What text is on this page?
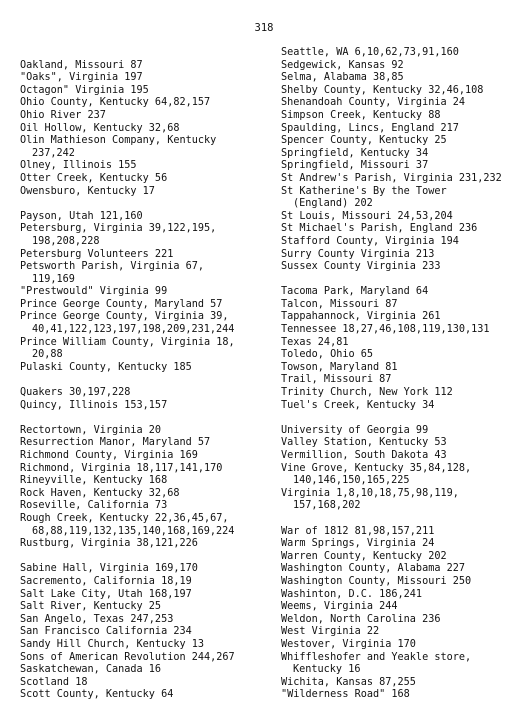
318
Oakland, Missouri 87
"Oaks", Virginia 197
Octagon" Virginia 195
Ohio County, Kentucky 64,82,157
Ohio River 237
Oil Hollow, Kentucky 32,68
Olin Mathieson Company, Kentucky
237,242
Olney, Illinois 155
Otter Creek, Kentucky 56
Owensburo, Kentucky 17
Payson, Utah 121,160
Petersburg, Virginia 39,122,195,
198,208,228
Petersburg Volunteers 221
Petsworth Parish, Virginia 67,
119,169
"Prestwould" Virginia 99
Prince George County, Maryland 57
Prince George County, Virginia 39,
40,41,122,123,197,198,209,231,244
Prince William County, Virginia 18,
20,88
Pulaski County, Kentucky 185
Quakers 30,197,228
Quincy, Illinois 153,157
Rectortown, Virginia 20
Resurrection Manor, Maryland 57
Richmond County, Virginia 169
Richmond, Virginia 18,117,141,170
Rineyville, Kentucky 168
Rock Haven, Kentucky 32,68
Roseville, California 73
Rough Creek, Kentucky 22,36,45,67,
68,88,119,132,135,140,168,169,224
Rustburg, Virginia 38,121,226
Sabine Hall, Virginia 169,170
Sacremento, California 18,19
Salt Lake City, Utah 168,197
Salt River, Kentucky 25
San Angelo, Texas 247,253
San Francisco California 234
Sandy Hill Church, Kentucky 13
Sons of American Revolution 244,267
Saskatchewan, Canada 16
Scotland 18
Scott County, Kentucky 64
Seattle, WA 6,10,62,73,91,160
Sedgewick, Kansas 92
Selma, Alabama 38,85
Shelby County, Kentucky 32,46,108
Shenandoah County, Virginia 24
Simpson Creek, Kentucky 88
Spaulding, Lincs, England 217
Spencer County, Kentucky 25
Springfield, Kentucky 34
Springfield, Missouri 37
St Andrew's Parish, Virginia 231,232
St Katherine's By the Tower
(England) 202
St Louis, Missouri 24,53,204
St Michael's Parish, England 236
Stafford County, Virginia 194
Surry County Virginia 213
Sussex County Virginia 233
Tacoma Park, Maryland 64
Talcon, Missouri 87
Tappahannock, Virginia 261
Tennessee 18,27,46,108,119,130,131
Texas 24,81
Toledo, Ohio 65
Towson, Maryland 81
Trail, Missouri 87
Trinity Church, New York 112
Tuel's Creek, Kentucky 34
University of Georgia 99
Valley Station, Kentucky 53
Vermillion, South Dakota 43
Vine Grove, Kentucky 35,84,128,
140,146,150,165,225
Virginia 1,8,10,18,75,98,119,
157,168,202
War of 1812 81,98,157,211
Warm Springs, Virginia 24
Warren County, Kentucky 202
Washington County, Alabama 227
Washington County, Missouri 250
Washinton, D.C. 186,241
Weems, Virginia 244
Weldon, North Carolina 236
West Virginia 22
Westover, Virginia 170
Whiffleshofer and Yeakle store,
Kentucky 16
Wichita, Kansas 87,255
"Wilderness Road" 168
